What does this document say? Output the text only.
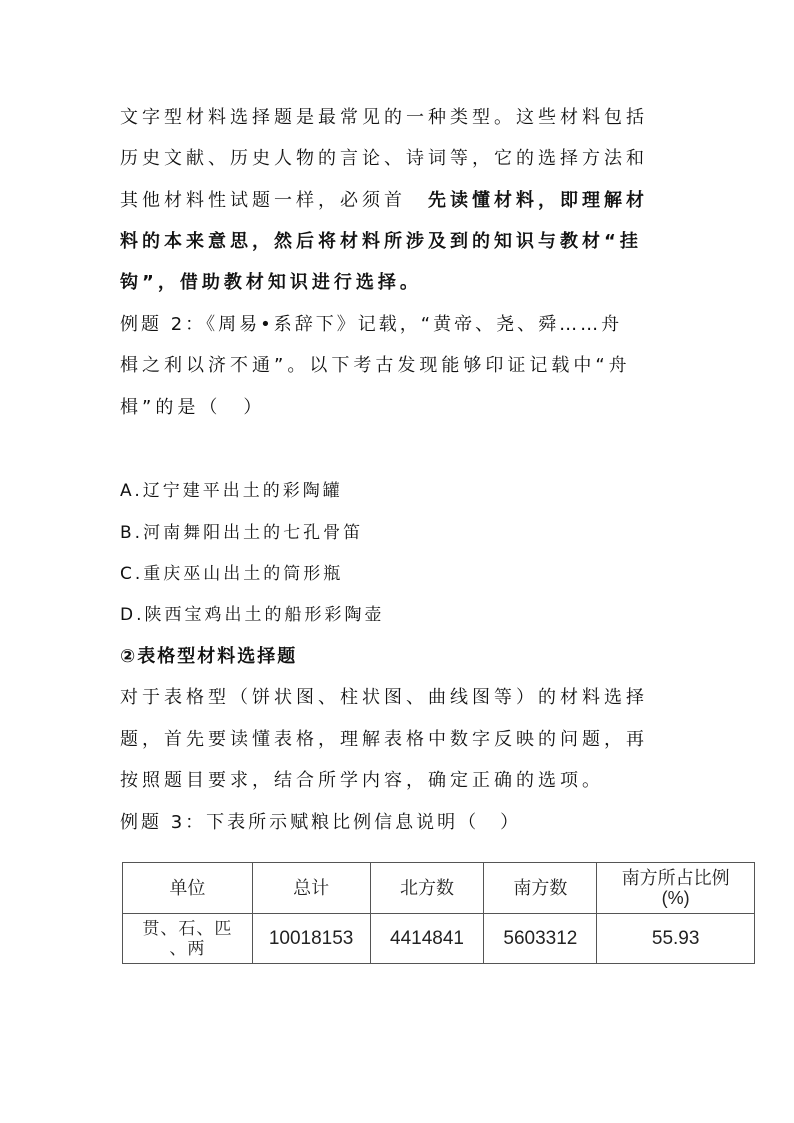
文字型材料选择题是最常见的一种类型。这些材料包括
历史文献、历史人物的言论、诗词等，它的选择方法和
其他材料性试题一样，必须首　先读懂材料，即理解材
料的本来意思，然后将材料所涉及到的知识与教材“挂
钩”，借助教材知识进行选择。
例题 2：《周易•系辞下》记载，“黄帝、尧、舜……舟
楫之利以济不通”。以下考古发现能够印证记载中“舟
楫”的是（　）
A.辽宁建平出土的彩陶罐
B.河南舞阳出土的七孔骨笛
C.重庆巫山出土的筒形瓶
D.陕西宝鸡出土的船形彩陶壶
②表格型材料选择题
对于表格型（饼状图、柱状图、曲线图等）的材料选择
题，首先要读懂表格，理解表格中数字反映的问题，再
按照题目要求，结合所学内容，确定正确的选项。
例题 3：下表所示赋粮比例信息说明（　）
单位	总计	北方数	南方数	南方所占比例
(%)

贯、石、匹
、两	10018153	4414841	5603312	55.93
